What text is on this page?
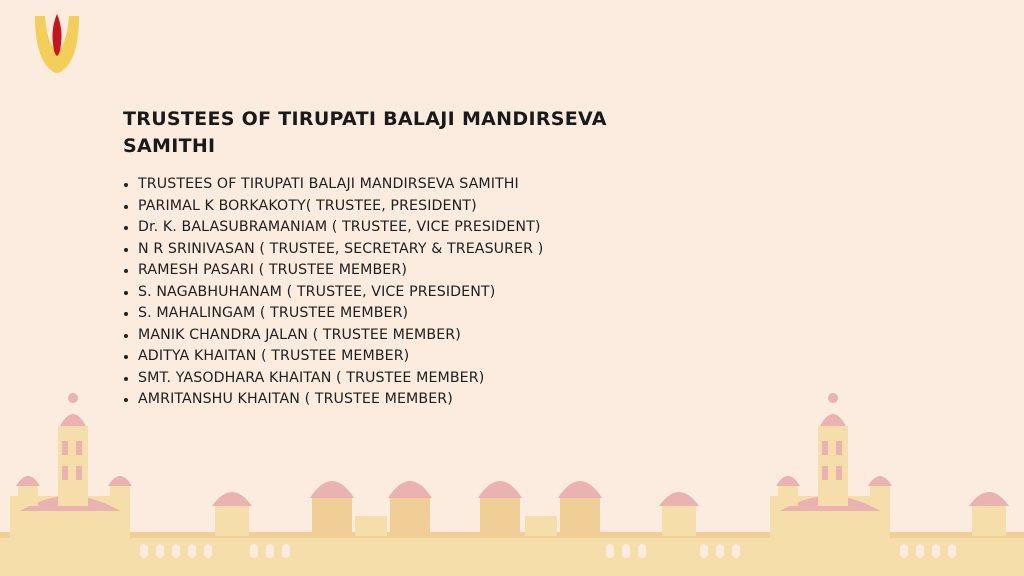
TRUSTEES OF TIRUPATI BALAJI MANDIRSEVA SAMITHI
TRUSTEES OF TIRUPATI BALAJI MANDIRSEVA SAMITHI
PARIMAL K BORKAKOTY( TRUSTEE, PRESIDENT)
Dr. K. BALASUBRAMANIAM ( TRUSTEE, VICE PRESIDENT)
N R SRINIVASAN ( TRUSTEE, SECRETARY & TREASURER )
RAMESH PASARI ( TRUSTEE MEMBER)
S. NAGABHUHANAM ( TRUSTEE, VICE PRESIDENT)
S. MAHALINGAM ( TRUSTEE MEMBER)
MANIK CHANDRA JALAN ( TRUSTEE MEMBER)
ADITYA KHAITAN ( TRUSTEE MEMBER)
SMT. YASODHARA KHAITAN ( TRUSTEE MEMBER)
AMRITANSHU KHAITAN ( TRUSTEE MEMBER)
